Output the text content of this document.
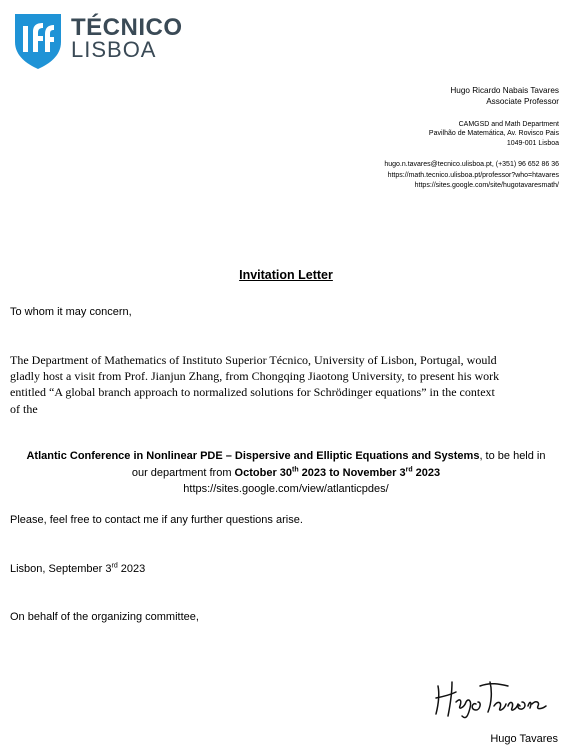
TÉCNICO
LISBOA
Hugo Ricardo Nabais Tavares
Associate Professor
CAMGSD and Math Department
Pavilhão de Matemática, Av. Rovisco Pais
1049-001 Lisboa
hugo.n.tavares@tecnico.ulisboa.pt, (+351) 96 652 86 36
https://math.tecnico.ulisboa.pt/professor?who=htavares
https://sites.google.com/site/hugotavaresmath/
Invitation Letter
To whom it may concern,
The Department of Mathematics of Instituto Superior Técnico, University of Lisbon, Portugal, would
gladly host a visit from Prof. Jianjun Zhang, from Chongqing Jiaotong University, to present his work
entitled “A global branch approach to normalized solutions for Schrödinger equations” in the context
of the
Atlantic Conference in Nonlinear PDE – Dispersive and Elliptic Equations and Systems, to be held in
our department from October 30th 2023 to November 3rd 2023
https://sites.google.com/view/atlanticpdes/
Please, feel free to contact me if any further questions arise.
Lisbon, September 3rd 2023
On behalf of the organizing committee,
Hugo Tavares
